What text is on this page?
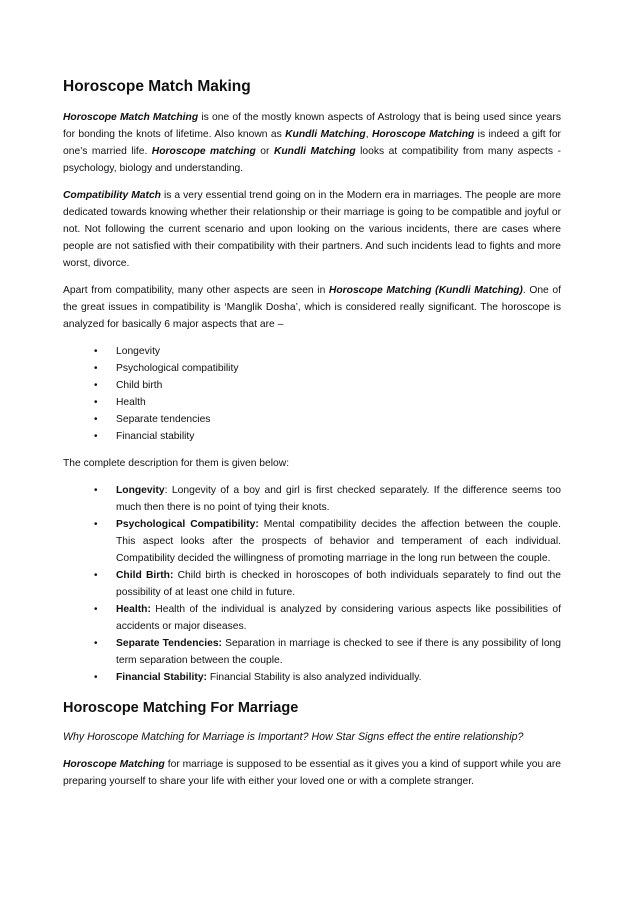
Horoscope Match Making

Horoscope Match Matching is one of the mostly known aspects of Astrology that is being used since years for bonding the knots of lifetime. Also known as Kundli Matching, Horoscope Matching is indeed a gift for one’s married life. Horoscope matching or Kundli Matching looks at compatibility from many aspects - psychology, biology and understanding.

Compatibility Match is a very essential trend going on in the Modern era in marriages. The people are more dedicated towards knowing whether their relationship or their marriage is going to be compatible and joyful or not. Not following the current scenario and upon looking on the various incidents, there are cases where people are not satisfied with their compatibility with their partners. And such incidents lead to fights and more worst, divorce.

Apart from compatibility, many other aspects are seen in Horoscope Matching (Kundli Matching). One of the great issues in compatibility is ‘Manglik Dosha’, which is considered really significant. The horoscope is analyzed for basically 6 major aspects that are –

• Longevity
• Psychological compatibility
• Child birth
• Health
• Separate tendencies
• Financial stability

The complete description for them is given below:

• Longevity: Longevity of a boy and girl is first checked separately. If the difference seems too much then there is no point of tying their knots.
• Psychological Compatibility: Mental compatibility decides the affection between the couple. This aspect looks after the prospects of behavior and temperament of each individual. Compatibility decided the willingness of promoting marriage in the long run between the couple.
• Child Birth: Child birth is checked in horoscopes of both individuals separately to find out the possibility of at least one child in future.
• Health: Health of the individual is analyzed by considering various aspects like possibilities of accidents or major diseases.
• Separate Tendencies: Separation in marriage is checked to see if there is any possibility of long term separation between the couple.
• Financial Stability: Financial Stability is also analyzed individually.
Horoscope Matching For Marriage

Why Horoscope Matching for Marriage is Important? How Star Signs effect the entire relationship?

Horoscope Matching for marriage is supposed to be essential as it gives you a kind of support while you are preparing yourself to share your life with either your loved one or with a complete stranger.
